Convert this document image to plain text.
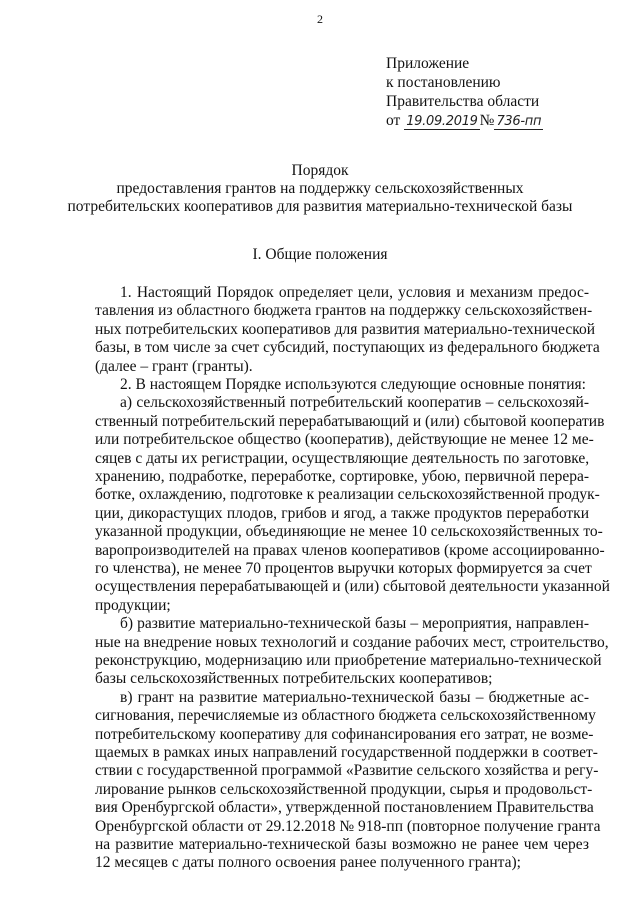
2
Приложение
к постановлению
Правительства области
от 19.09.2019 № 736-пп
Порядок
предоставления грантов на поддержку сельскохозяйственных
потребительских кооперативов для развития материально-технической базы
I. Общие положения
1. Настоящий Порядок определяет цели, условия и механизм предос-
тавления из областного бюджета грантов на поддержку сельскохозяйствен-
ных потребительских кооперативов для развития материально-технической
базы, в том числе за счет субсидий, поступающих из федерального бюджета
(далее – грант (гранты).
2. В настоящем Порядке используются следующие основные понятия:
а) сельскохозяйственный потребительский кооператив – сельскохозяй-
ственный потребительский перерабатывающий и (или) сбытовой кооператив
или потребительское общество (кооператив), действующие не менее 12 ме-
сяцев с даты их регистрации, осуществляющие деятельность по заготовке,
хранению, подработке, переработке, сортировке, убою, первичной перера-
ботке, охлаждению, подготовке к реализации сельскохозяйственной продук-
ции, дикорастущих плодов, грибов и ягод, а также продуктов переработки
указанной продукции, объединяющие не менее 10 сельскохозяйственных то-
варопроизводителей на правах членов кооперативов (кроме ассоциированно-
го членства), не менее 70 процентов выручки которых формируется за счет
осуществления перерабатывающей и (или) сбытовой деятельности указанной
продукции;
б) развитие материально-технической базы – мероприятия, направлен-
ные на внедрение новых технологий и создание рабочих мест, строительство,
реконструкцию, модернизацию или приобретение материально-технической
базы сельскохозяйственных потребительских кооперативов;
в) грант на развитие материально-технической базы – бюджетные ас-
сигнования, перечисляемые из областного бюджета сельскохозяйственному
потребительскому кооперативу для софинансирования его затрат, не возме-
щаемых в рамках иных направлений государственной поддержки в соответ-
ствии с государственной программой «Развитие сельского хозяйства и регу-
лирование рынков сельскохозяйственной продукции, сырья и продовольст-
вия Оренбургской области», утвержденной постановлением Правительства
Оренбургской области от 29.12.2018 № 918-пп (повторное получение гранта
на развитие материально-технической базы возможно не ранее чем через
12 месяцев с даты полного освоения ранее полученного гранта);
